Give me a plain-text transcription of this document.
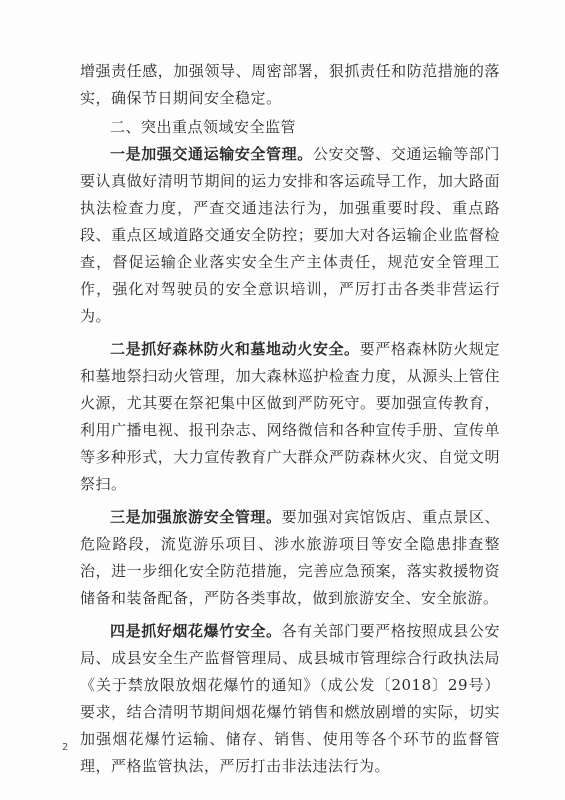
增强责任感，加强领导、周密部署，狠抓责任和防范措施的落实，确保节日期间安全稳定。

二、突出重点领域安全监管

一是加强交通运输安全管理。公安交警、交通运输等部门要认真做好清明节期间的运力安排和客运疏导工作，加大路面执法检查力度，严查交通违法行为，加强重要时段、重点路段、重点区域道路交通安全防控；要加大对各运输企业监督检查，督促运输企业落实安全生产主体责任，规范安全管理工作，强化对驾驶员的安全意识培训，严厉打击各类非营运行为。

二是抓好森林防火和墓地动火安全。要严格森林防火规定和墓地祭扫动火管理，加大森林巡护检查力度，从源头上管住火源，尤其要在祭祀集中区做到严防死守。要加强宣传教育，利用广播电视、报刊杂志、网络微信和各种宣传手册、宣传单等多种形式，大力宣传教育广大群众严防森林火灾、自觉文明祭扫。

三是加强旅游安全管理。要加强对宾馆饭店、重点景区、危险路段，流览游乐项目、涉水旅游项目等安全隐患排查整治，进一步细化安全防范措施，完善应急预案，落实救援物资储备和装备配备，严防各类事故，做到旅游安全、安全旅游。

四是抓好烟花爆竹安全。各有关部门要严格按照成县公安局、成县安全生产监督管理局、成县城市管理综合行政执法局《关于禁放限放烟花爆竹的通知》（成公发〔2018〕29号）要求，结合清明节期间烟花爆竹销售和燃放剧增的实际，切实加强烟花爆竹运输、储存、销售、使用等各个环节的监督管理，严格监管执法，严厉打击非法违法行为。

2
